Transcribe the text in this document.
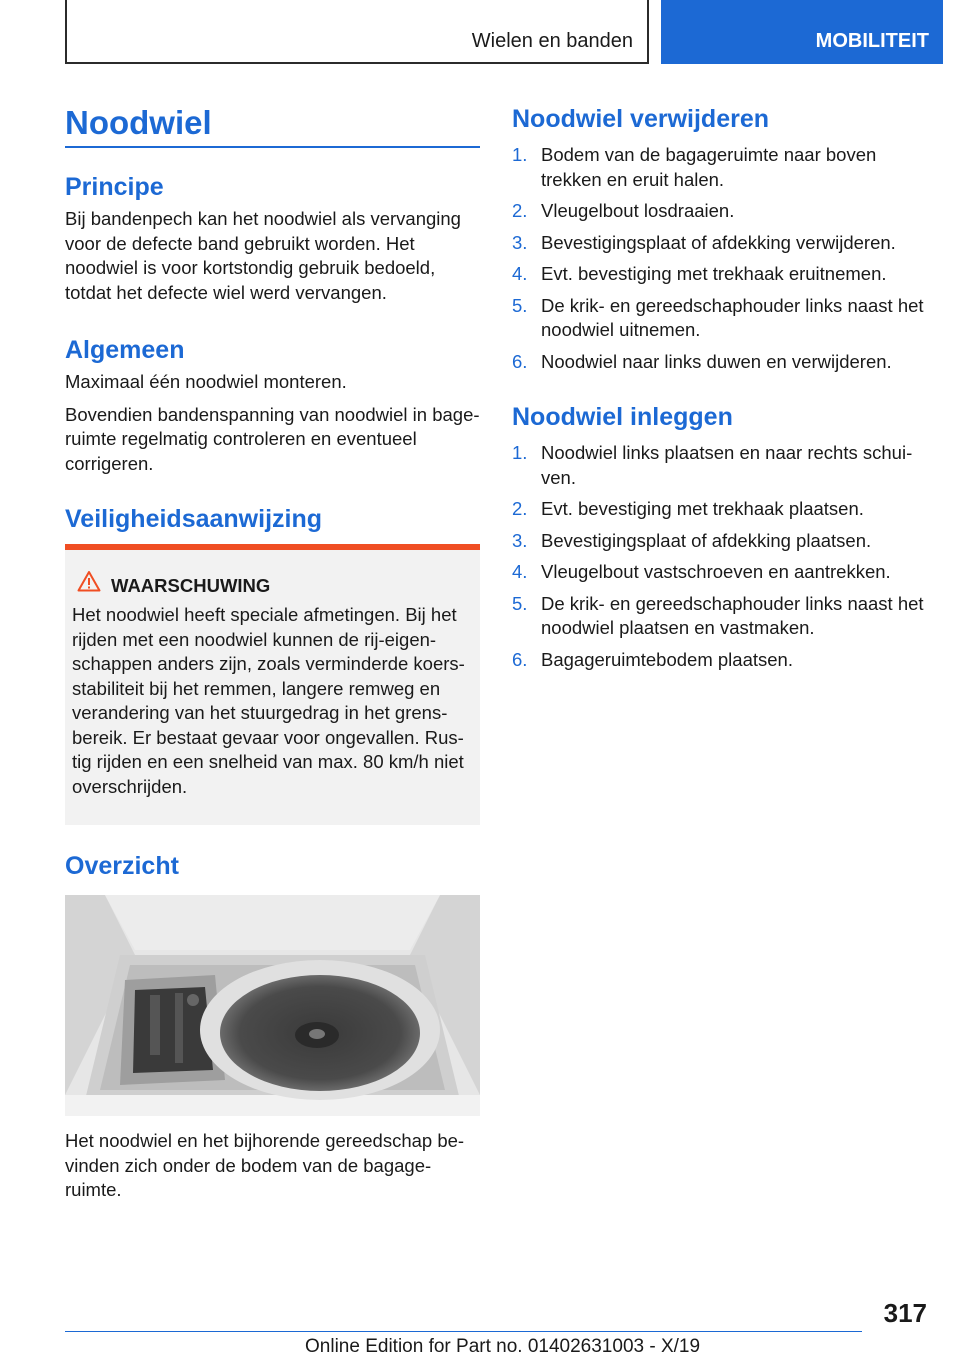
Wielen en banden	MOBILITEIT
Noodwiel
Principe

Bij bandenpech kan het noodwiel als vervanging voor de defecte band gebruikt worden. Het noodwiel is voor kortstondig gebruik bedoeld, totdat het defecte wiel werd vervangen.

Algemeen

Maximaal één noodwiel monteren.

Bovendien bandenspanning van noodwiel in bageruimte regelmatig controleren en eventueel corrigeren.

Veiligheidsaanwijzing
WAARSCHUWING

Het noodwiel heeft speciale afmetingen. Bij het rijden met een noodwiel kunnen de rij-eigenschappen anders zijn, zoals verminderde koersstabiliteit bij het remmen, langere remweg en verandering van het stuurgedrag in het grensbereik. Er bestaat gevaar voor ongevallen. Rustig rijden en een snelheid van max. 80 km/h niet overschrijden.

Overzicht

Het noodwiel en het bijhorende gereedschap bevinden zich onder de bodem van de bagageruimte.

Noodwiel verwijderen
1. Bodem van de bagageruimte naar boven trekken en eruit halen.
2. Vleugelbout losdraaien.
3. Bevestigingsplaat of afdekking verwijderen.
4. Evt. bevestiging met trekhaak eruitnemen.
5. De krik- en gereedschaphouder links naast het noodwiel uitnemen.
6. Noodwiel naar links duwen en verwijderen.
Noodwiel inleggen
1. Noodwiel links plaatsen en naar rechts schuiven.
2. Evt. bevestiging met trekhaak plaatsen.
3. Bevestigingsplaat of afdekking plaatsen.
4. Vleugelbout vastschroeven en aantrekken.
5. De krik- en gereedschaphouder links naast het noodwiel plaatsen en vastmaken.
6. Bagageruimtebodem plaatsen.
317
Online Edition for Part no. 01402631003 - X/19
